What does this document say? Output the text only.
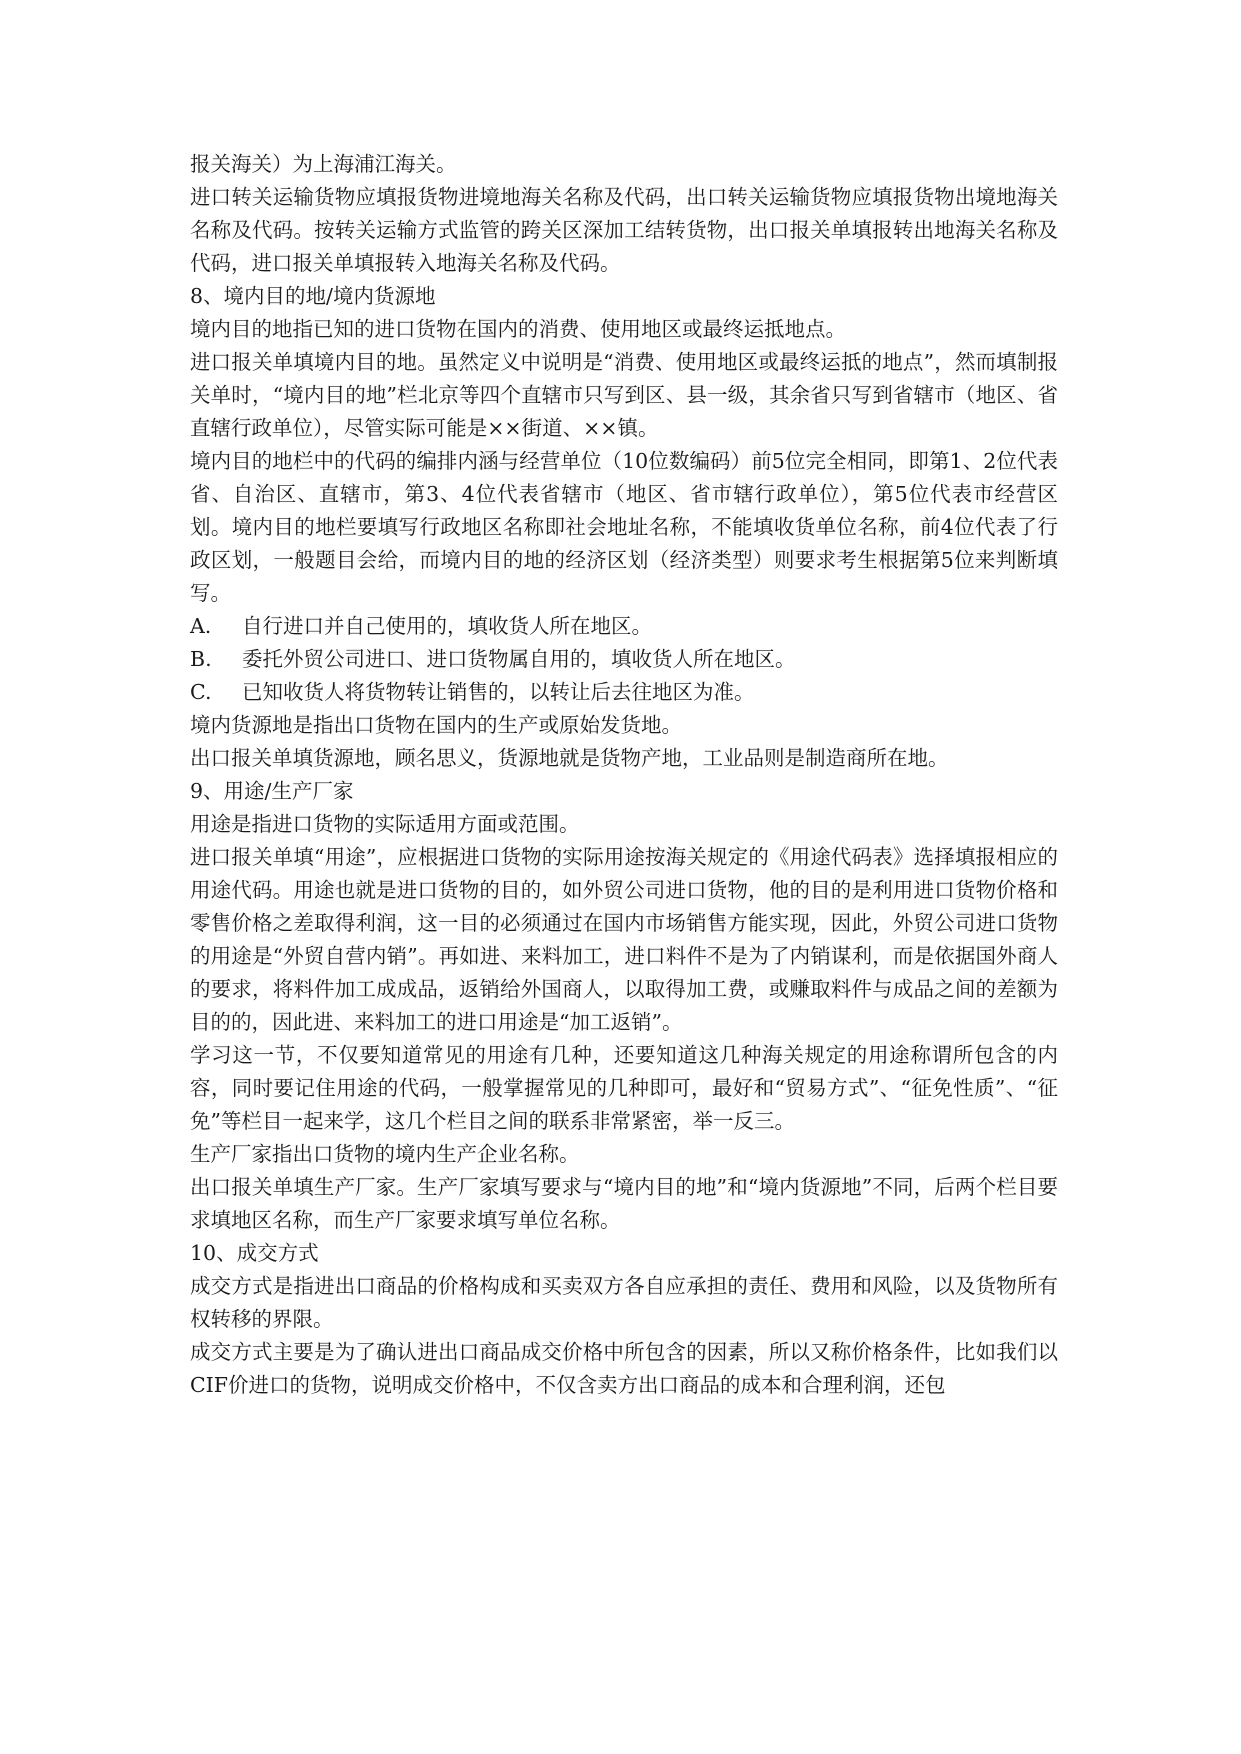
报关海关）为上海浦江海关。

进口转关运输货物应填报货物进境地海关名称及代码，出口转关运输货物应填报货物出境地海关名称及代码。按转关运输方式监管的跨关区深加工结转货物，出口报关单填报转出地海关名称及代码，进口报关单填报转入地海关名称及代码。

8、境内目的地/境内货源地

境内目的地指已知的进口货物在国内的消费、使用地区或最终运抵地点。

进口报关单填境内目的地。虽然定义中说明是“消费、使用地区或最终运抵的地点”，然而填制报关单时，“境内目的地”栏北京等四个直辖市只写到区、县一级，其余省只写到省辖市（地区、省直辖行政单位），尽管实际可能是××街道、××镇。

境内目的地栏中的代码的编排内涵与经营单位（10位数编码）前5位完全相同，即第1、2位代表省、自治区、直辖市，第3、4位代表省辖市（地区、省市辖行政单位），第5位代表市经营区划。境内目的地栏要填写行政地区名称即社会地址名称，不能填收货单位名称，前4位代表了行政区划，一般题目会给，而境内目的地的经济区划（经济类型）则要求考生根据第5位来判断填写。

A.	自行进口并自己使用的，填收货人所在地区。
B.	委托外贸公司进口、进口货物属自用的，填收货人所在地区。
C.	已知收货人将货物转让销售的，以转让后去往地区为准。

境内货源地是指出口货物在国内的生产或原始发货地。

出口报关单填货源地，顾名思义，货源地就是货物产地，工业品则是制造商所在地。

9、用途/生产厂家

用途是指进口货物的实际适用方面或范围。

进口报关单填“用途”，应根据进口货物的实际用途按海关规定的《用途代码表》选择填报相应的用途代码。用途也就是进口货物的目的，如外贸公司进口货物，他的目的是利用进口货物价格和零售价格之差取得利润，这一目的必须通过在国内市场销售方能实现，因此，外贸公司进口货物的用途是“外贸自营内销”。再如进、来料加工，进口料件不是为了内销谋利，而是依据国外商人的要求，将料件加工成成品，返销给外国商人，以取得加工费，或赚取料件与成品之间的差额为目的的，因此进、来料加工的进口用途是“加工返销”。

学习这一节，不仅要知道常见的用途有几种，还要知道这几种海关规定的用途称谓所包含的内容，同时要记住用途的代码，一般掌握常见的几种即可，最好和“贸易方式”、“征免性质”、“征免”等栏目一起来学，这几个栏目之间的联系非常紧密，举一反三。

生产厂家指出口货物的境内生产企业名称。

出口报关单填生产厂家。生产厂家填写要求与“境内目的地”和“境内货源地”不同，后两个栏目要求填地区名称，而生产厂家要求填写单位名称。

10、成交方式

成交方式是指进出口商品的价格构成和买卖双方各自应承担的责任、费用和风险，以及货物所有权转移的界限。

成交方式主要是为了确认进出口商品成交价格中所包含的因素，所以又称价格条件，比如我们以CIF价进口的货物，说明成交价格中，不仅含卖方出口商品的成本和合理利润，还包
